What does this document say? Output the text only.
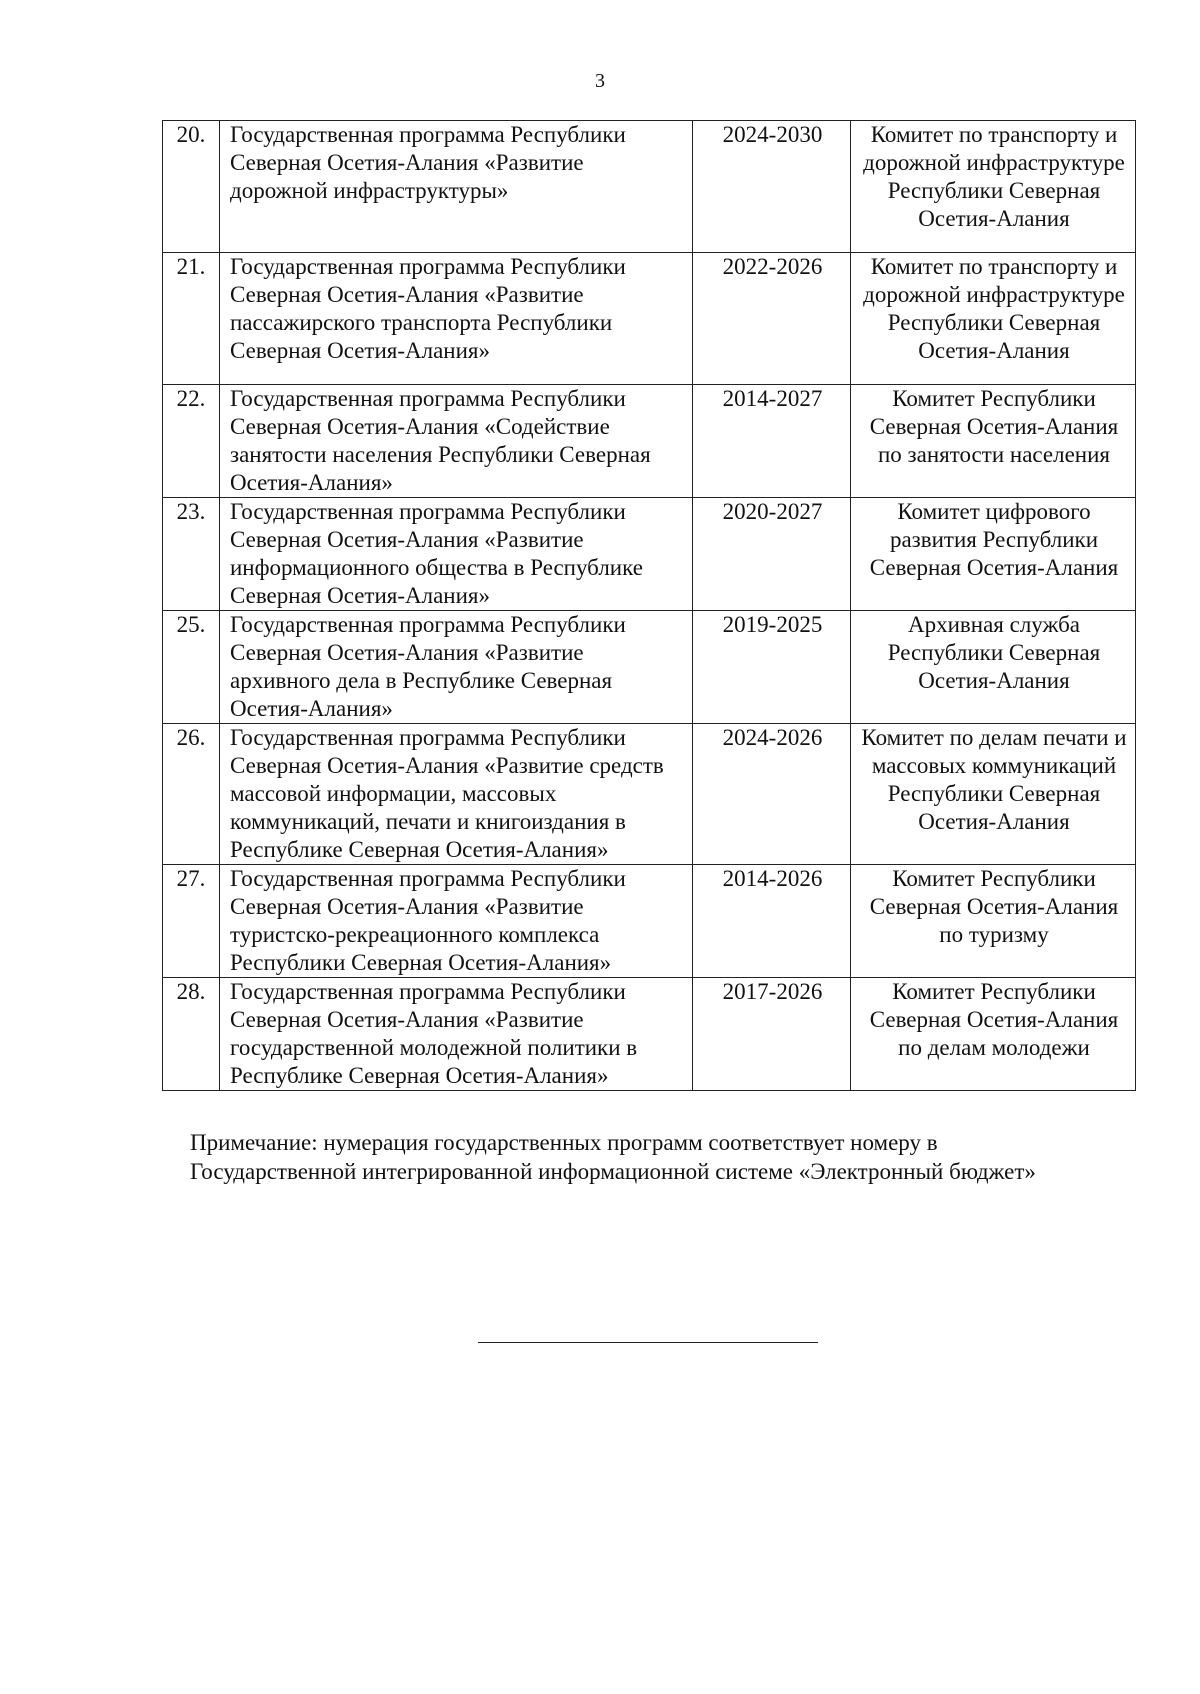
3
20.	Государственная программа Республики Северная Осетия-Алания «Развитие дорожной инфраструктуры»	2024-2030	Комитет по транспорту и дорожной инфраструктуре Республики Северная Осетия-Алания
21.	Государственная программа Республики Северная Осетия-Алания «Развитие пассажирского транспорта Республики Северная Осетия-Алания»	2022-2026	Комитет по транспорту и дорожной инфраструктуре Республики Северная Осетия-Алания
22.	Государственная программа Республики Северная Осетия-Алания «Содействие занятости населения Республики Северная Осетия-Алания»	2014-2027	Комитет Республики Северная Осетия-Алания по занятости населения
23.	Государственная программа Республики Северная Осетия-Алания «Развитие информационного общества в Республике Северная Осетия-Алания»	2020-2027	Комитет цифрового развития Республики Северная Осетия-Алания
25.	Государственная программа Республики Северная Осетия-Алания «Развитие архивного дела в Республике Северная Осетия-Алания»	2019-2025	Архивная служба Республики Северная Осетия-Алания
26.	Государственная программа Республики Северная Осетия-Алания «Развитие средств массовой информации, массовых коммуникаций, печати и книгоиздания в Республике Северная Осетия-Алания»	2024-2026	Комитет по делам печати и массовых коммуникаций Республики Северная Осетия-Алания
27.	Государственная программа Республики Северная Осетия-Алания «Развитие туристско-рекреационного комплекса Республики Северная Осетия-Алания»	2014-2026	Комитет Республики Северная Осетия-Алания по туризму
28.	Государственная программа Республики Северная Осетия-Алания «Развитие государственной молодежной политики в Республике Северная Осетия-Алания»	2017-2026	Комитет Республики Северная Осетия-Алания по делам молодежи
Примечание: нумерация государственных программ соответствует номеру в Государственной интегрированной информационной системе «Электронный бюджет»
